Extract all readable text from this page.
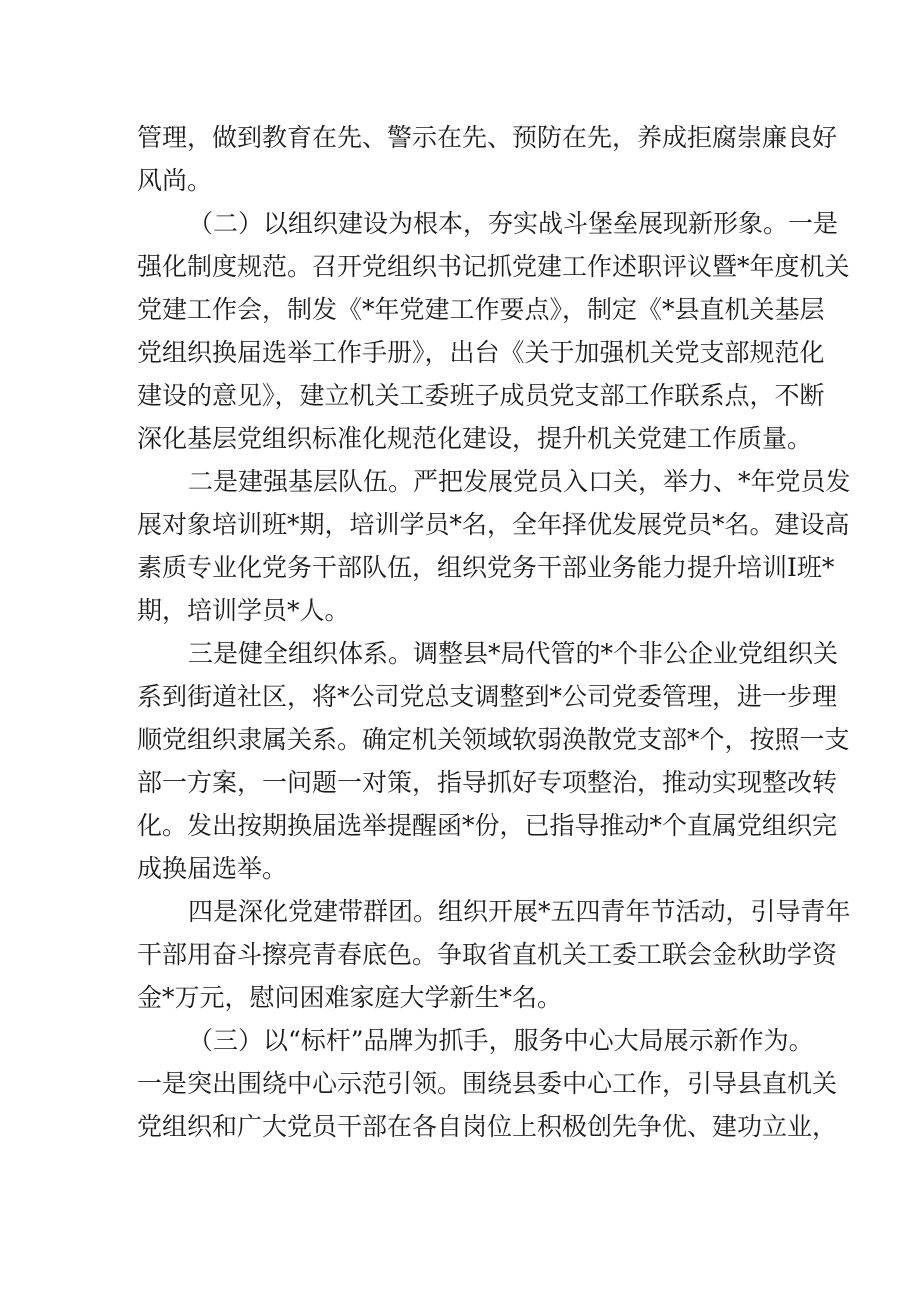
管理，做到教育在先、警示在先、预防在先，养成拒腐崇廉良好
风尚。
（二）以组织建设为根本，夯实战斗堡垒展现新形象。一是
强化制度规范。召开党组织书记抓党建工作述职评议暨*年度机关
党建工作会，制发《*年党建工作要点》，制定《*县直机关基层
党组织换届选举工作手册》，出台《关于加强机关党支部规范化
建设的意见》，建立机关工委班子成员党支部工作联系点，不断
深化基层党组织标准化规范化建设，提升机关党建工作质量。
二是建强基层队伍。严把发展党员入口关，举力、*年党员发
展对象培训班*期，培训学员*名，全年择优发展党员*名。建设高
素质专业化党务干部队伍，组织党务干部业务能力提升培训Ⅰ班*
期，培训学员*人。
三是健全组织体系。调整县*局代管的*个非公企业党组织关
系到街道社区，将*公司党总支调整到*公司党委管理，进一步理
顺党组织隶属关系。确定机关领域软弱涣散党支部*个，按照一支
部一方案，一问题一对策，指导抓好专项整治，推动实现整改转
化。发出按期换届选举提醒函*份，已指导推动*个直属党组织完
成换届选举。
四是深化党建带群团。组织开展*五四青年节活动，引导青年
干部用奋斗擦亮青春底色。争取省直机关工委工联会金秋助学资
金*万元，慰问困难家庭大学新生*名。
（三）以“标杆”品牌为抓手，服务中心大局展示新作为。
一是突出围绕中心示范引领。围绕县委中心工作，引导县直机关
党组织和广大党员干部在各自岗位上积极创先争优、建功立业，
